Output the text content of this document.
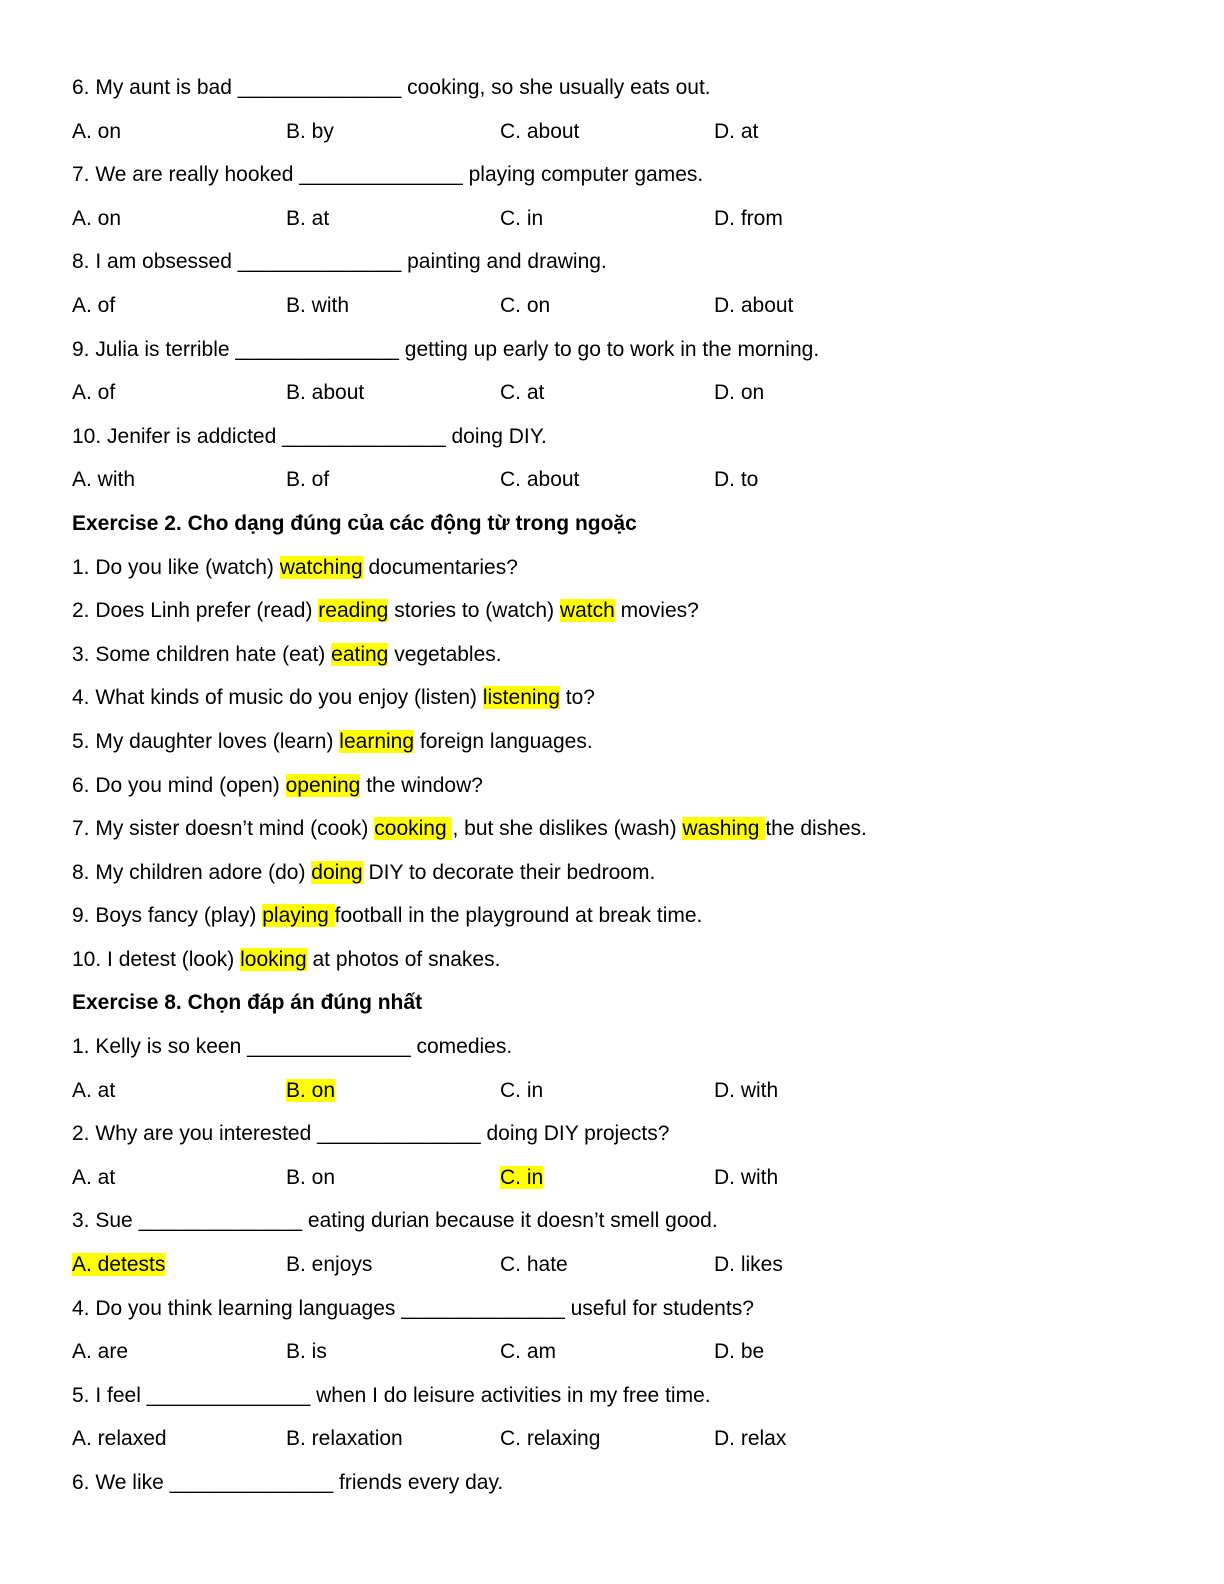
6. My aunt is bad ______________ cooking, so she usually eats out.
A. on	B. by	C. about	D. at
7. We are really hooked ______________ playing computer games.
A. on	B. at	C. in	D. from
8. I am obsessed ______________ painting and drawing.
A. of	B. with	C. on	D. about
9. Julia is terrible ______________ getting up early to go to work in the morning.
A. of	B. about	C. at	D. on
10. Jenifer is addicted ______________ doing DIY.
A. with	B. of	C. about	D. to
Exercise 2. Cho dạng đúng của các động từ trong ngoặc
1. Do you like (watch) watching documentaries?
2. Does Linh prefer (read) reading stories to (watch) watch movies?
3. Some children hate (eat) eating vegetables.
4. What kinds of music do you enjoy (listen) listening to?
5. My daughter loves (learn) learning foreign languages.
6. Do you mind (open) opening the window?
7. My sister doesn’t mind (cook) cooking , but she dislikes (wash) washing the dishes.
8. My children adore (do) doing DIY to decorate their bedroom.
9. Boys fancy (play) playing football in the playground at break time.
10. I detest (look) looking at photos of snakes.
Exercise 8. Chọn đáp án đúng nhất
1. Kelly is so keen ______________ comedies.
A. at	B. on	C. in	D. with
2. Why are you interested ______________ doing DIY projects?
A. at	B. on	C. in	D. with
3. Sue ______________ eating durian because it doesn’t smell good.
A. detests	B. enjoys	C. hate	D. likes
4. Do you think learning languages ______________ useful for students?
A. are	B. is	C. am	D. be
5. I feel ______________ when I do leisure activities in my free time.
A. relaxed	B. relaxation	C. relaxing	D. relax
6. We like ______________ friends every day.
